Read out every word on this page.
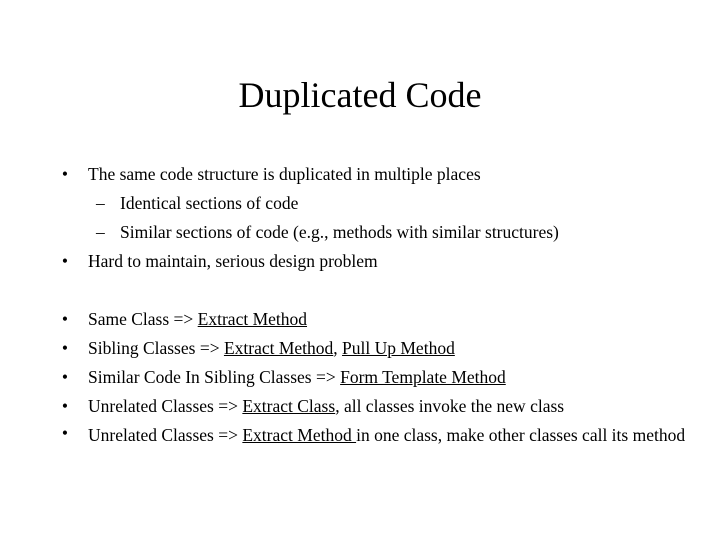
Duplicated Code
• The same code structure is duplicated in multiple places
– Identical sections of code
– Similar sections of code (e.g., methods with similar structures)
• Hard to maintain, serious design problem
• Same Class => Extract Method
• Sibling Classes => Extract Method, Pull Up Method
• Similar Code In Sibling Classes => Form Template Method
• Unrelated Classes => Extract Class, all classes invoke the new class
• Unrelated Classes => Extract Method in one class, make other classes call its method
